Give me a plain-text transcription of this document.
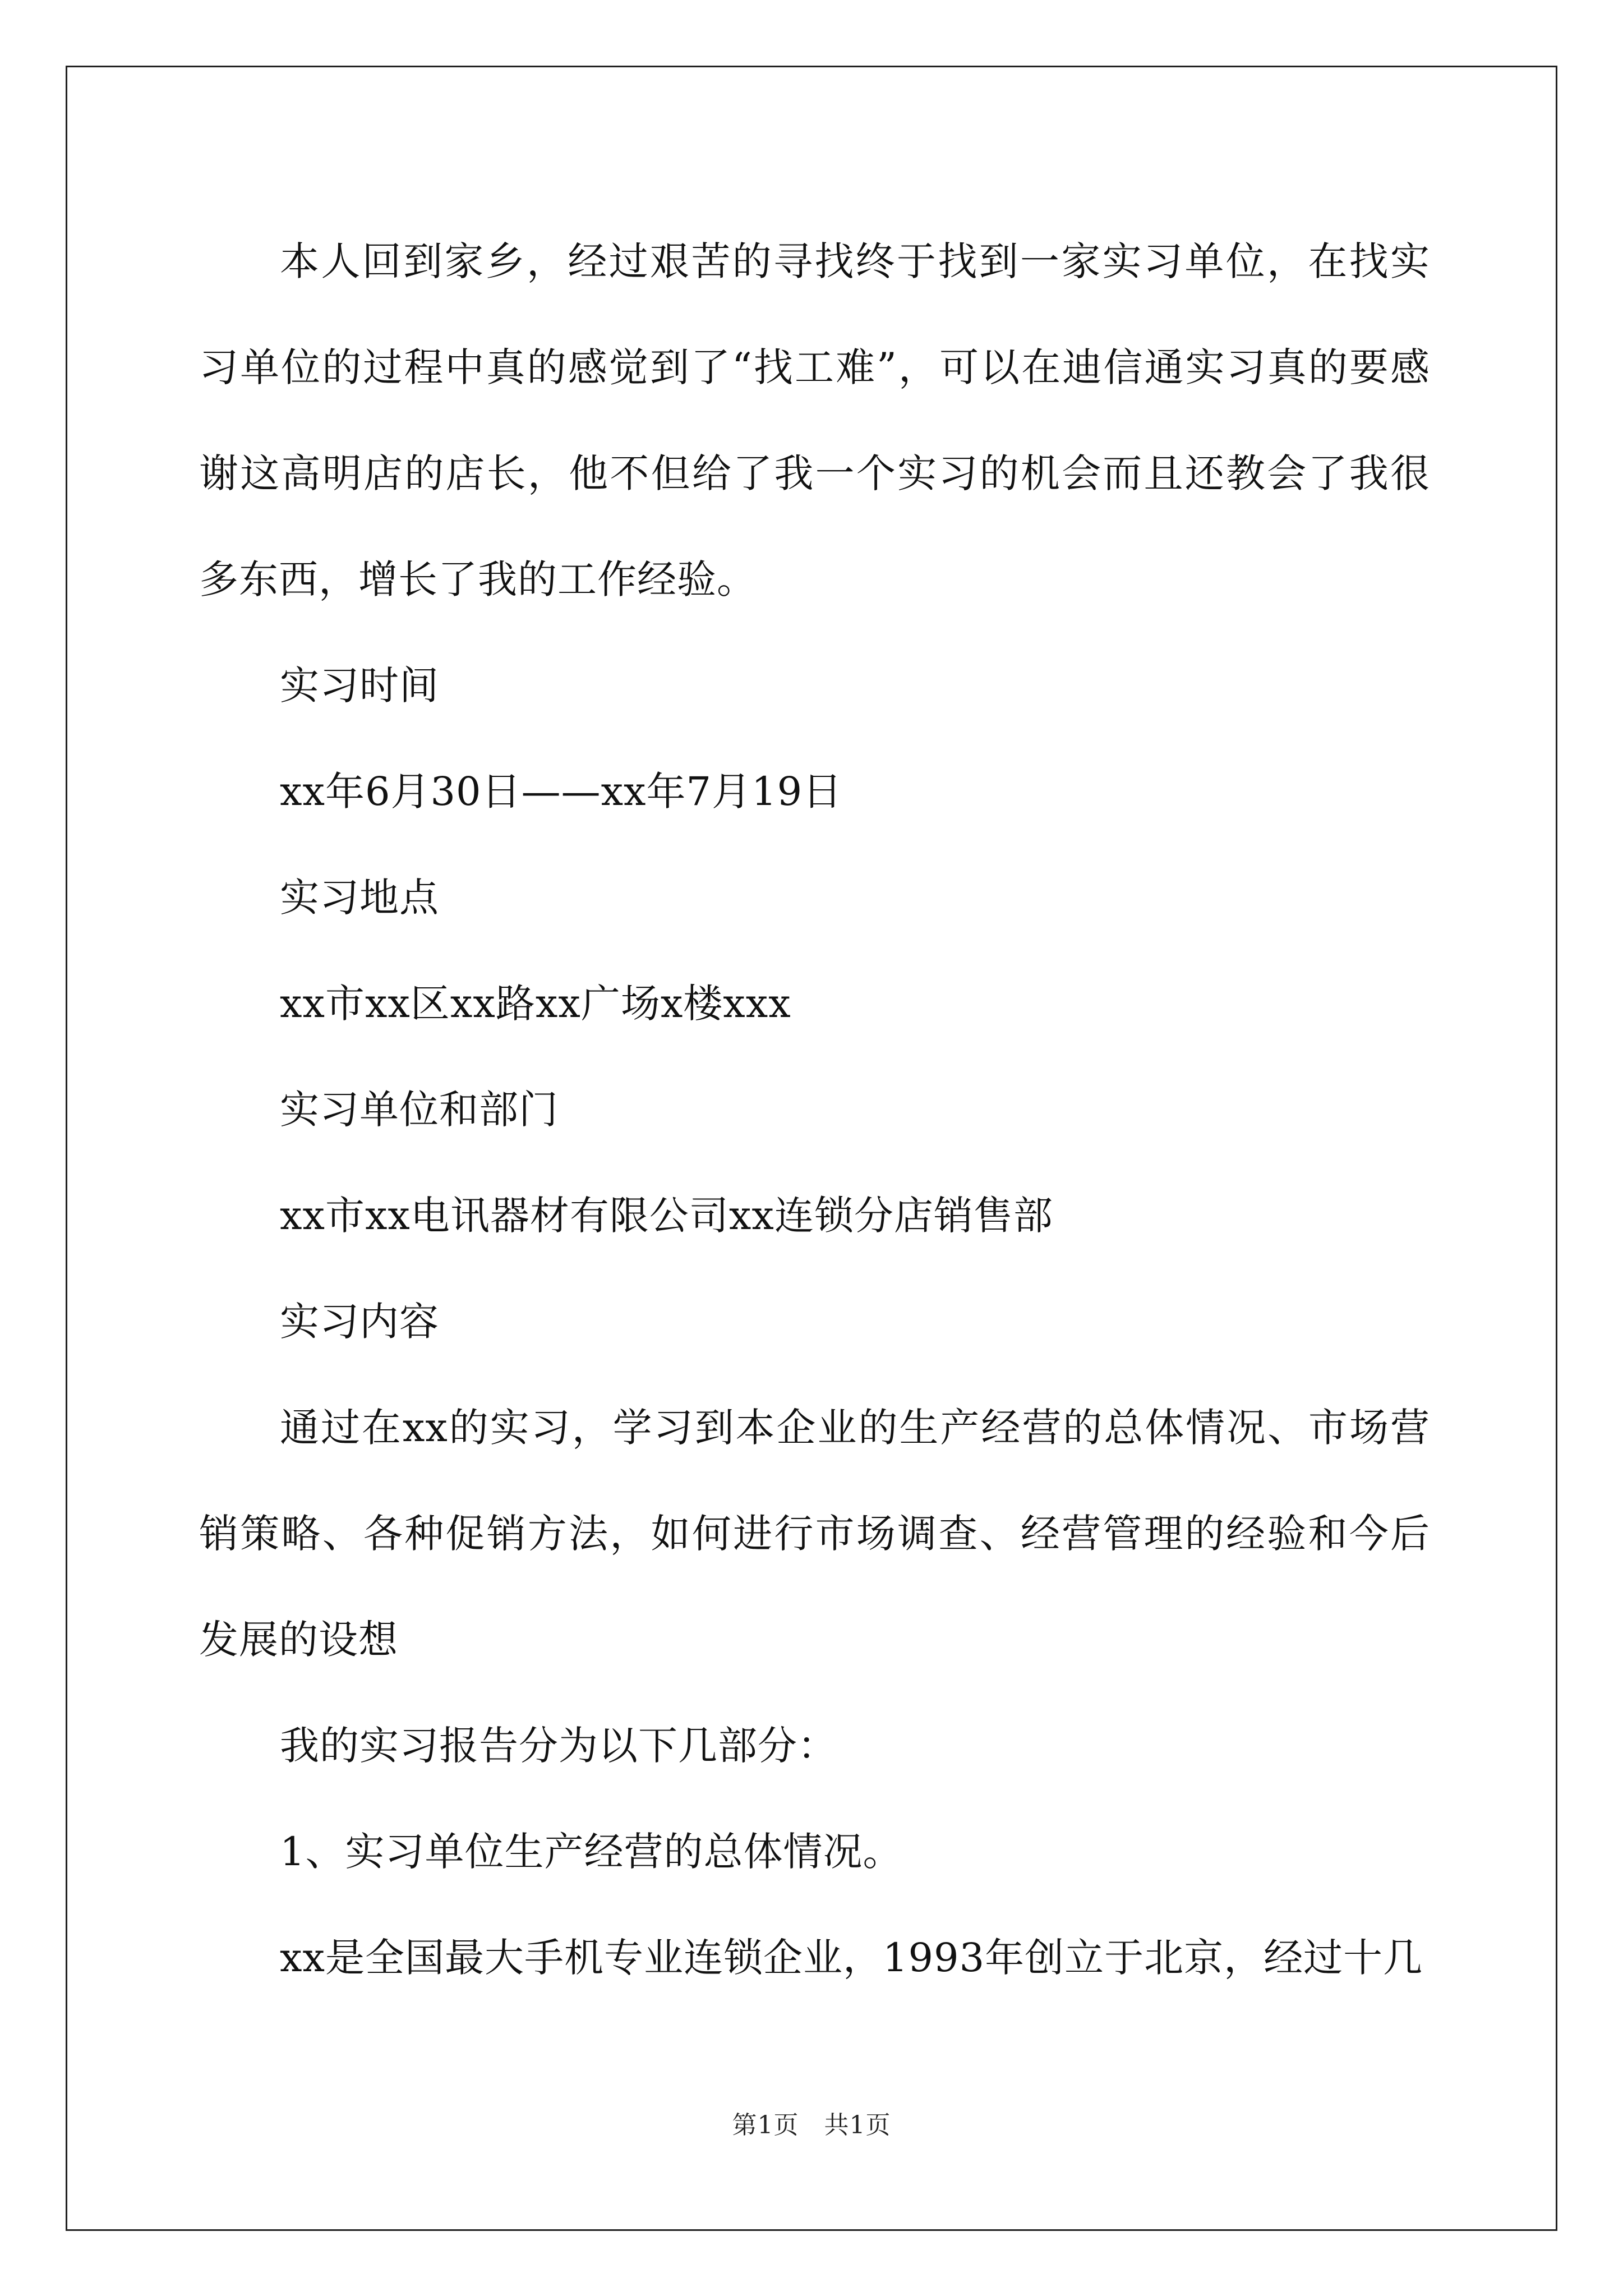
本人回到家乡，经过艰苦的寻找终于找到一家实习单位，在找实习单位的过程中真的感觉到了“找工难”，可以在迪信通实习真的要感谢这高明店的店长，他不但给了我一个实习的机会而且还教会了我很多东西，增长了我的工作经验。

实习时间

xx年6月30日——xx年7月19日

实习地点

xx市xx区xx路xx广场x楼xxx

实习单位和部门

xx市xx电讯器材有限公司xx连锁分店销售部

实习内容

通过在xx的实习，学习到本企业的生产经营的总体情况、市场营销策略、各种促销方法，如何进行市场调查、经营管理的经验和今后发展的设想

我的实习报告分为以下几部分：

1、实习单位生产经营的总体情况。

xx是全国最大手机专业连锁企业，1993年创立于北京，经过十几

第1页 共1页
